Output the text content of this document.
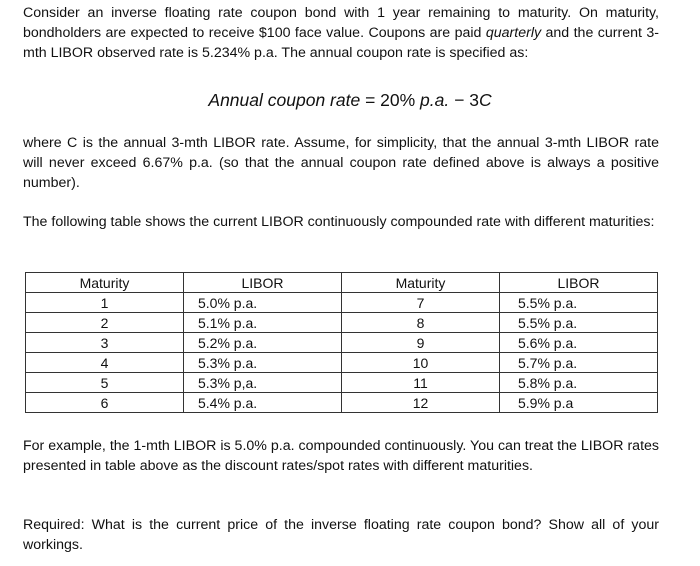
Consider an inverse floating rate coupon bond with 1 year remaining to maturity. On maturity, bondholders are expected to receive $100 face value. Coupons are paid quarterly and the current 3-mth LIBOR observed rate is 5.234% p.a. The annual coupon rate is specified as:

Annual coupon rate = 20% p.a. − 3C

where C is the annual 3-mth LIBOR rate. Assume, for simplicity, that the annual 3-mth LIBOR rate will never exceed 6.67% p.a. (so that the annual coupon rate defined above is always a positive number).

The following table shows the current LIBOR continuously compounded rate with different maturities:

Maturity	LIBOR	Maturity	LIBOR
1	5.0% p.a.	7	5.5% p.a.
2	5.1% p.a.	8	5.5% p.a.
3	5.2% p.a.	9	5.6% p.a.
4	5.3% p.a.	10	5.7% p.a.
5	5.3% p,a.	11	5.8% p.a.
6	5.4% p.a.	12	5.9% p.a

For example, the 1-mth LIBOR is 5.0% p.a. compounded continuously. You can treat the LIBOR rates presented in table above as the discount rates/spot rates with different maturities.

Required: What is the current price of the inverse floating rate coupon bond? Show all of your workings.
